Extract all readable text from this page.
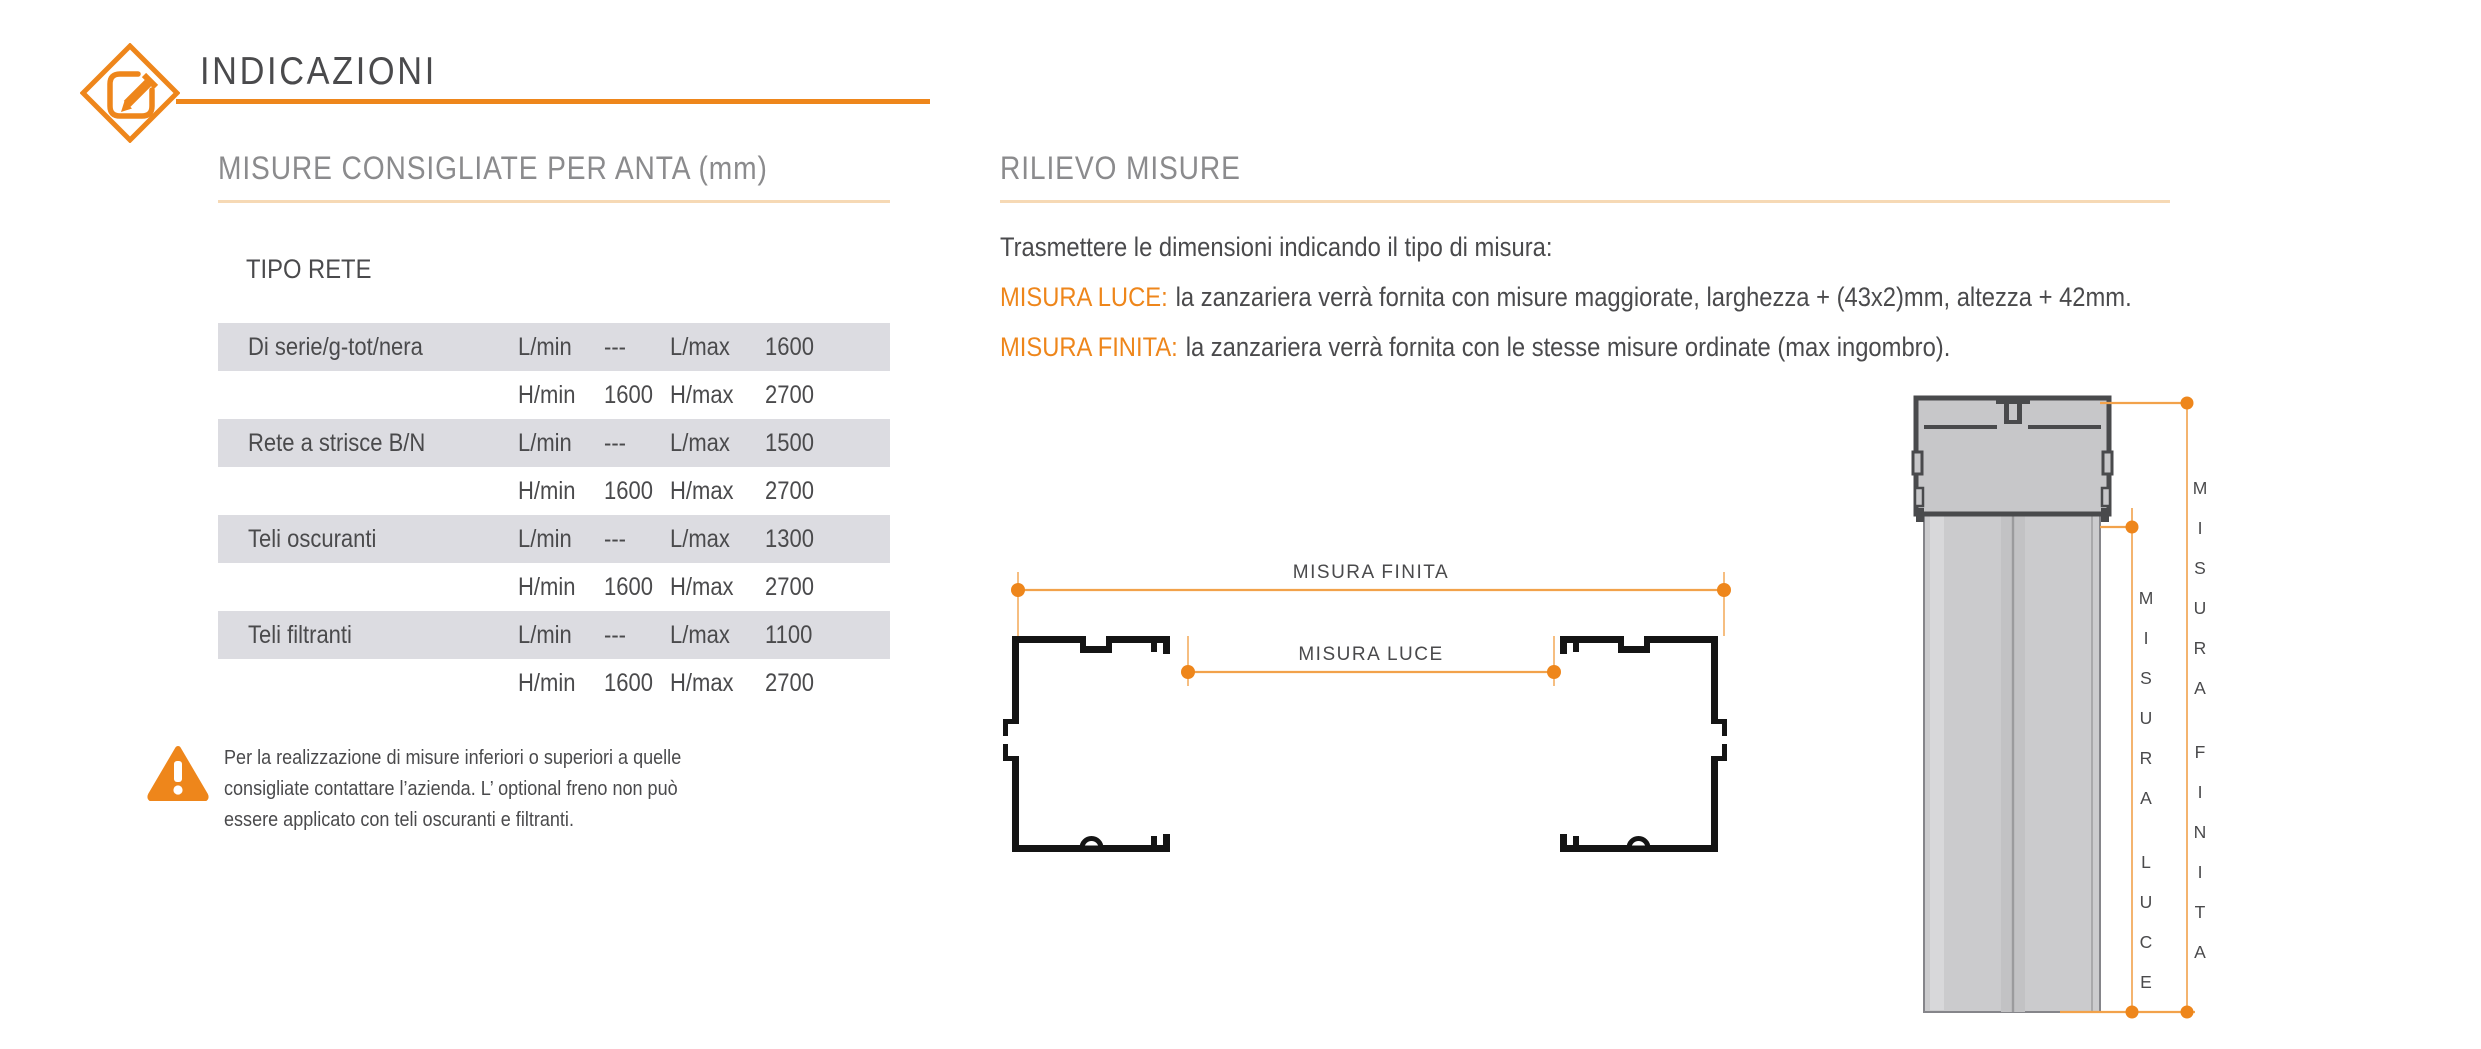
INDICAZIONI
MISURE CONSIGLIATE PER ANTA (mm)
TIPO RETE
Di serie/g-tot/nera	L/min --- L/max	1600
H/min	1600 H/max	2700
Rete a strisce B/N	L/min --- L/max	1500
H/min	1600 H/max	2700
Teli oscuranti	L/min --- L/max	1300
H/min	1600 H/max	2700
Teli filtranti	L/min --- L/max	1100
H/min	1600 H/max	2700
Per la realizzazione di misure inferiori o superiori a quelle
consigliate contattare l’azienda. L’ optional freno non può
essere applicato con teli oscuranti e filtranti.
RILIEVO MISURE

Trasmettere le dimensioni indicando il tipo di misura:

MISURA LUCE: la zanzariera verrà fornita con misure maggiorate, larghezza + (43x2)mm, altezza + 42mm.

MISURA FINITA: la zanzariera verrà fornita con le stesse misure ordinate (max ingombro).

MISURA FINITA
MISURA LUCE
M
I
S
U
R
A
L
U
C
E
M
I
S
U
R
A
F
I
N
I
T
A
